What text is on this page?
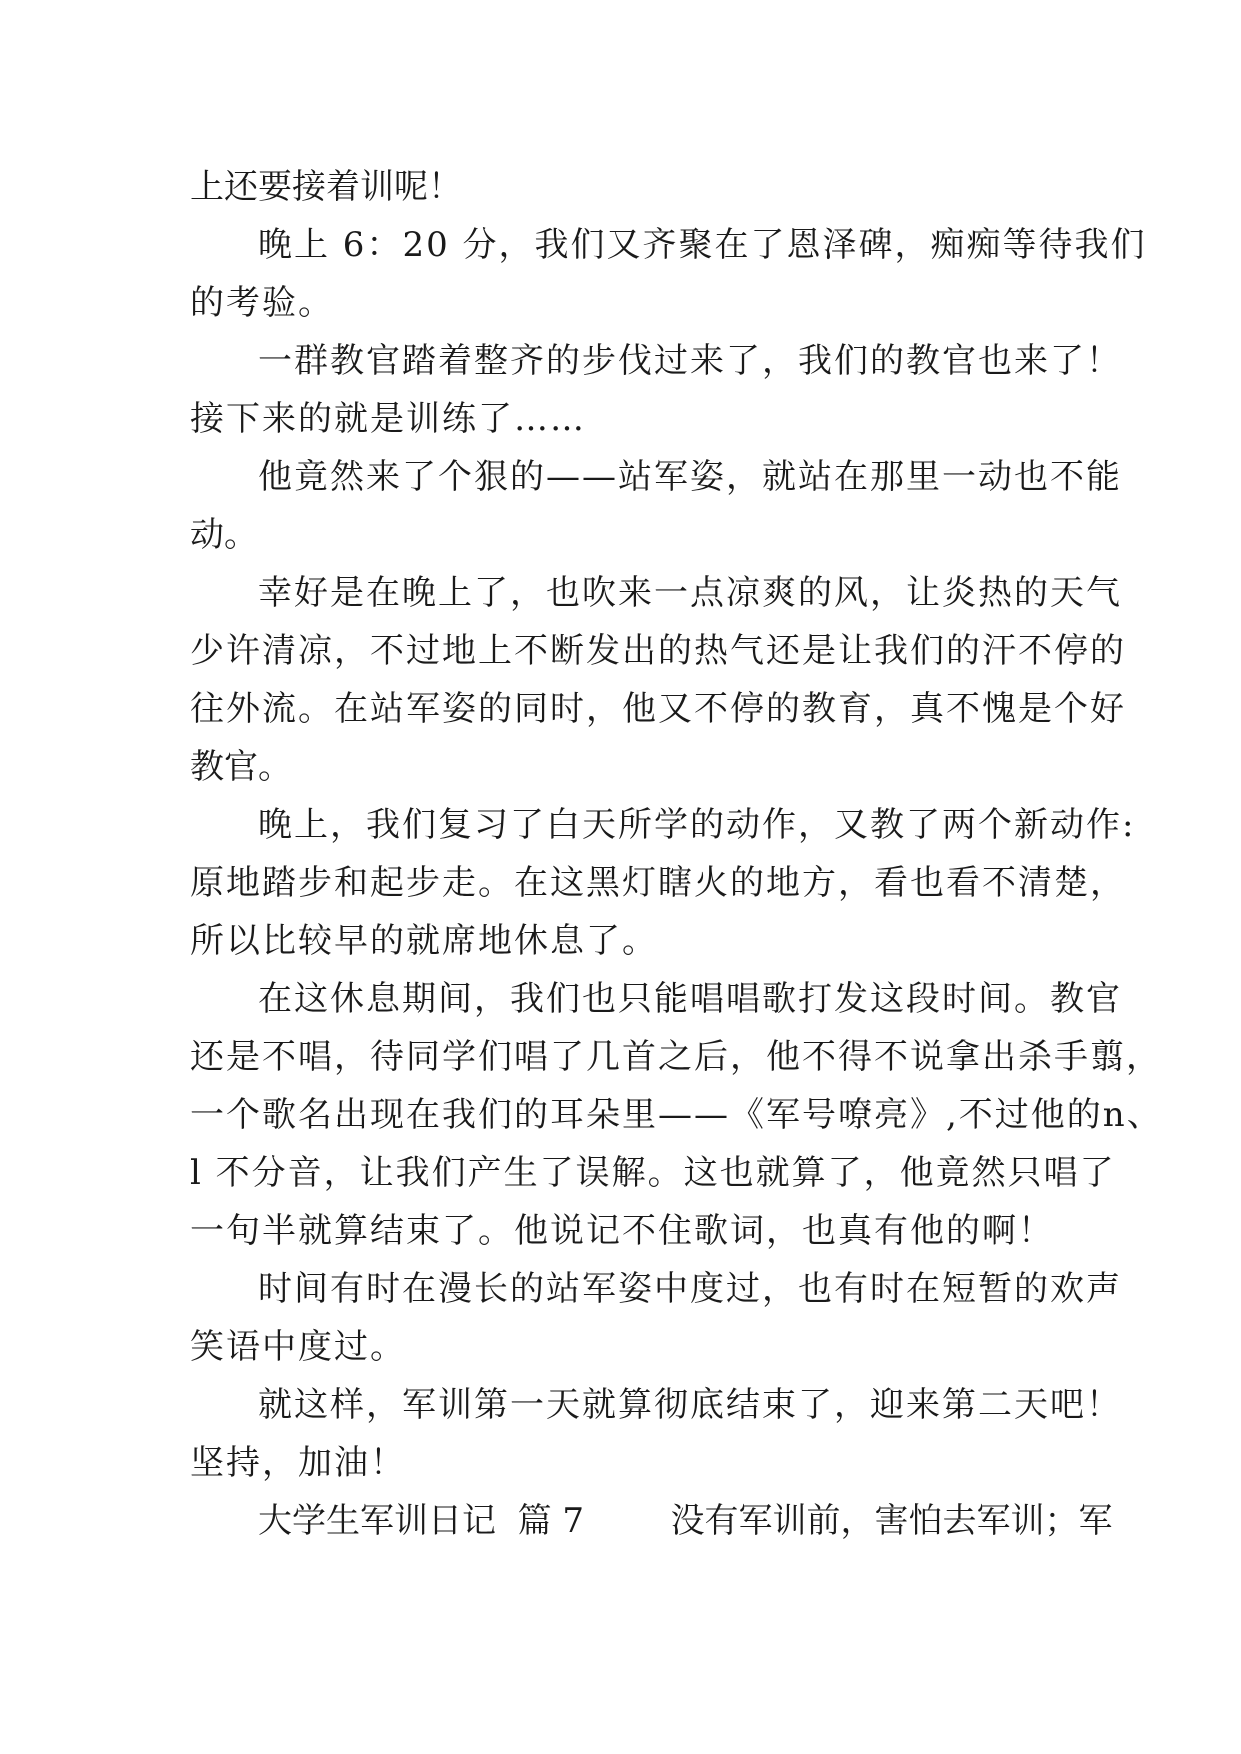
上还要接着训呢！
晚上 6：20 分，我们又齐聚在了恩泽碑，痴痴等待我们
的考验。
一群教官踏着整齐的步伐过来了，我们的教官也来了！
接下来的就是训练了……
他竟然来了个狠的——站军姿，就站在那里一动也不能
动。
幸好是在晚上了，也吹来一点凉爽的风，让炎热的天气
少许清凉，不过地上不断发出的热气还是让我们的汗不停的
往外流。在站军姿的同时，他又不停的教育，真不愧是个好
教官。
晚上，我们复习了白天所学的动作，又教了两个新动作:
原地踏步和起步走。在这黑灯瞎火的地方，看也看不清楚，
所以比较早的就席地休息了。
在这休息期间，我们也只能唱唱歌打发这段时间。教官
还是不唱，待同学们唱了几首之后，他不得不说拿出杀手翦，
一个歌名出现在我们的耳朵里——《军号嘹亮》,不过他的n、
l 不分音，让我们产生了误解。这也就算了，他竟然只唱了
一句半就算结束了。他说记不住歌词，也真有他的啊！
时间有时在漫长的站军姿中度过，也有时在短暂的欢声
笑语中度过。
就这样，军训第一天就算彻底结束了，迎来第二天吧！
坚持，加油！
大学生军训日记  篇 7        没有军训前，害怕去军训；军
